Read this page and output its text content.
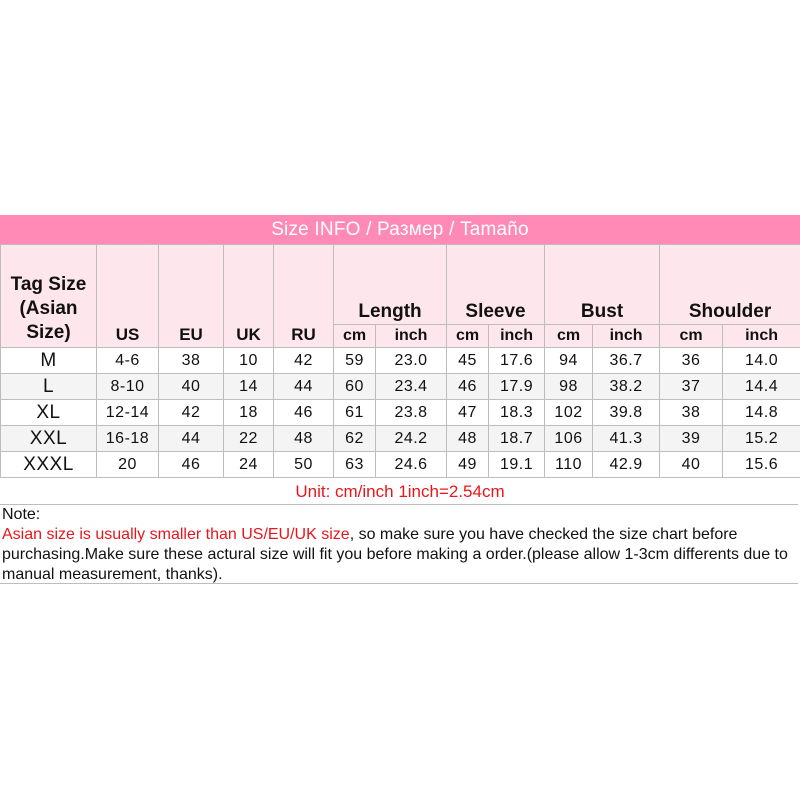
Size INFO / Размер / Tamaño
Tag Size (Asian Size)	US	EU	UK	RU	Length		Sleeve		Bust		Shoulder	
					cm	inch	cm	inch	cm	inch	cm	inch
M	4-6	38	10	42	59	23.0	45	17.6	94	36.7	36	14.0
L	8-10	40	14	44	60	23.4	46	17.9	98	38.2	37	14.4
XL	12-14	42	18	46	61	23.8	47	18.3	102	39.8	38	14.8
XXL	16-18	44	22	48	62	24.2	48	18.7	106	41.3	39	15.2
XXXL	20	46	24	50	63	24.6	49	19.1	110	42.9	40	15.6
Unit: cm/inch 1inch=2.54cm
Note:
Asian size is usually smaller than US/EU/UK size, so make sure you have checked the size chart before purchasing.Make sure these actural size will fit you before making a order.(please allow 1-3cm differents due to manual measurement, thanks).
